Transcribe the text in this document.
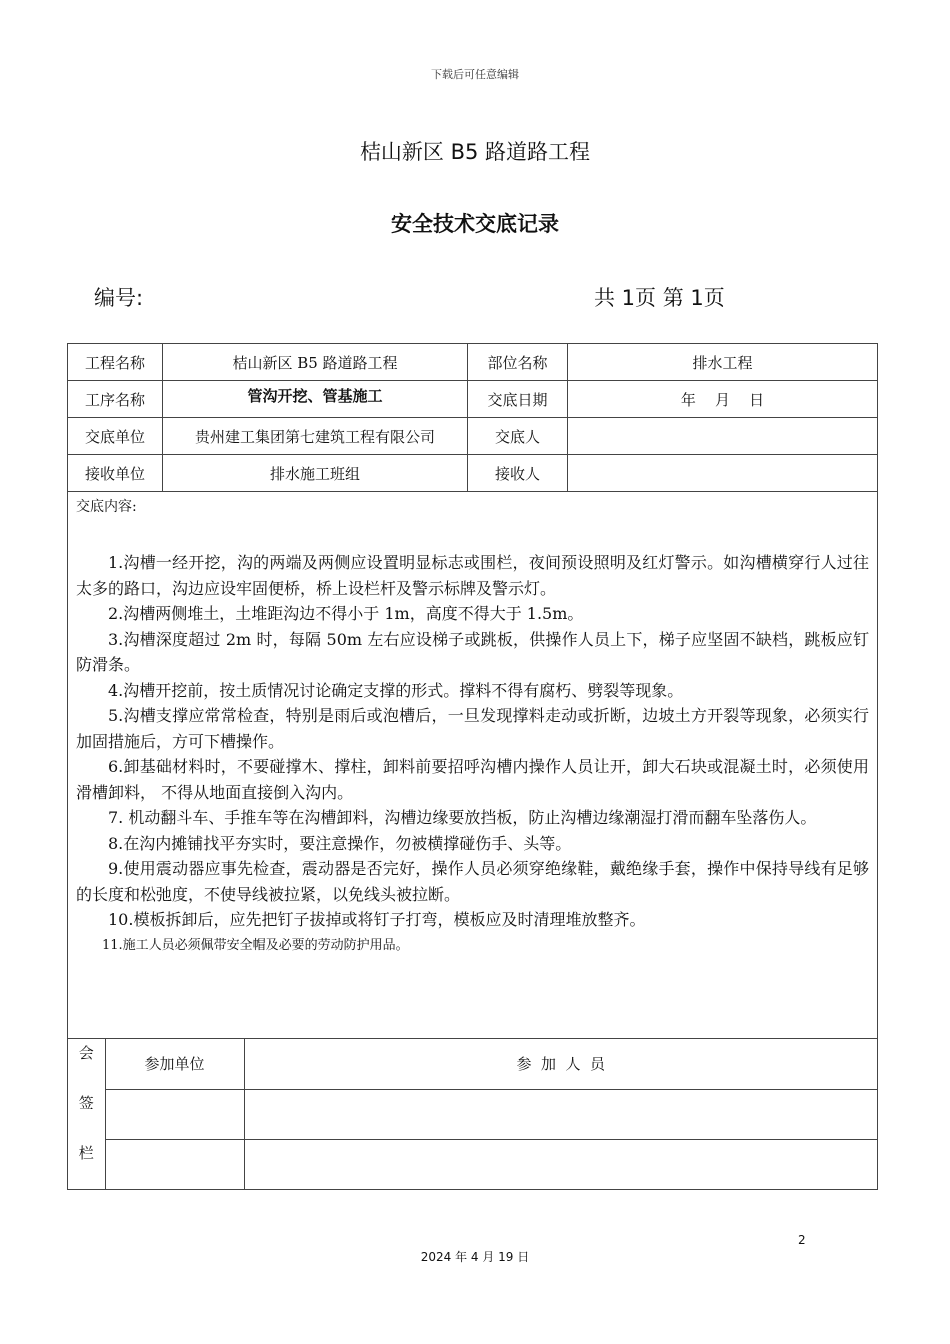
下载后可任意编辑
桔山新区 B5 路道路工程
安全技术交底记录
编号:	共 1页 第 1页
工程名称	桔山新区 B5 路道路工程	部位名称	排水工程
工序名称	管沟开挖、管基施工	交底日期	年    月    日
交底单位	贵州建工集团第七建筑工程有限公司	交底人	
接收单位	排水施工班组	接收人	

交底内容:

1.沟槽一经开挖，沟的两端及两侧应设置明显标志或围栏，夜间预设照明及红灯警示。如沟槽横穿行人过往太多的路口，沟边应设牢固便桥，桥上设栏杆及警示标牌及警示灯。

2.沟槽两侧堆土，土堆距沟边不得小于 1m，高度不得大于 1.5m。

3.沟槽深度超过 2m 时，每隔 50m 左右应设梯子或跳板，供操作人员上下，梯子应坚固不缺档，跳板应钉防滑条。

4.沟槽开挖前，按土质情况讨论确定支撑的形式。撑料不得有腐朽、劈裂等现象。

5.沟槽支撑应常常检查，特别是雨后或泡槽后，一旦发现撑料走动或折断，边坡土方开裂等现象，必须实行加固措施后，方可下槽操作。

6.卸基础材料时，不要碰撑木、撑柱，卸料前要招呼沟槽内操作人员让开，卸大石块或混凝土时，必须使用滑槽卸料， 不得从地面直接倒入沟内。

7. 机动翻斗车、手推车等在沟槽卸料，沟槽边缘要放挡板，防止沟槽边缘潮湿打滑而翻车坠落伤人。

8.在沟内摊铺找平夯实时，要注意操作，勿被横撑碰伤手、头等。

9.使用震动器应事先检查，震动器是否完好，操作人员必须穿绝缘鞋，戴绝缘手套，操作中保持导线有足够的长度和松弛度，不使导线被拉紧，以免线头被拉断。

10.模板拆卸后，应先把钉子拔掉或将钉子打弯，模板应及时清理堆放整齐。

11.施工人员必须佩带安全帽及必要的劳动防护用品。

会
签
栏
	参加单位	参  加  人  员

2
2024 年 4 月 19 日
